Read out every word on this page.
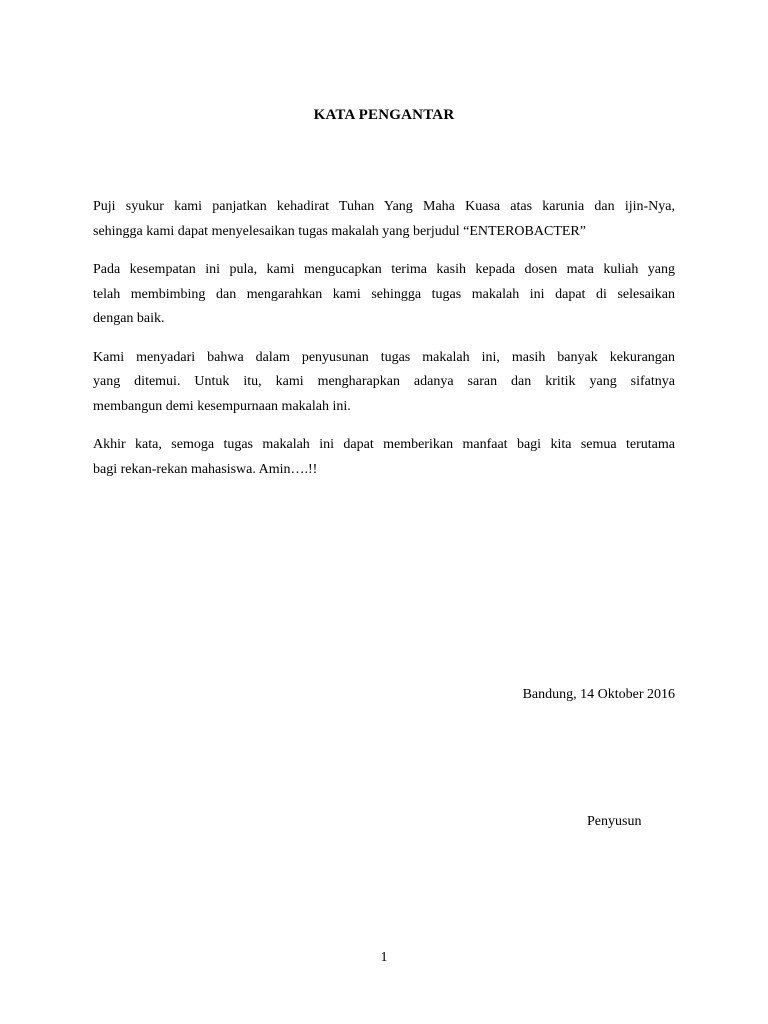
KATA PENGANTAR
Puji syukur kami panjatkan kehadirat Tuhan Yang Maha Kuasa atas karunia dan ijin-Nya,
sehingga kami dapat menyelesaikan tugas makalah yang berjudul “ENTEROBACTER”
Pada kesempatan ini pula, kami mengucapkan terima kasih kepada dosen mata kuliah yang
telah membimbing dan mengarahkan kami sehingga tugas makalah ini dapat di selesaikan
dengan baik.
Kami menyadari bahwa dalam penyusunan tugas makalah ini, masih banyak kekurangan
yang ditemui. Untuk itu, kami mengharapkan adanya saran dan kritik yang sifatnya
membangun demi kesempurnaan makalah ini.
Akhir kata, semoga tugas makalah ini dapat memberikan manfaat bagi kita semua terutama
bagi rekan-rekan mahasiswa. Amin….!!
Bandung, 14 Oktober 2016
Penyusun
1
